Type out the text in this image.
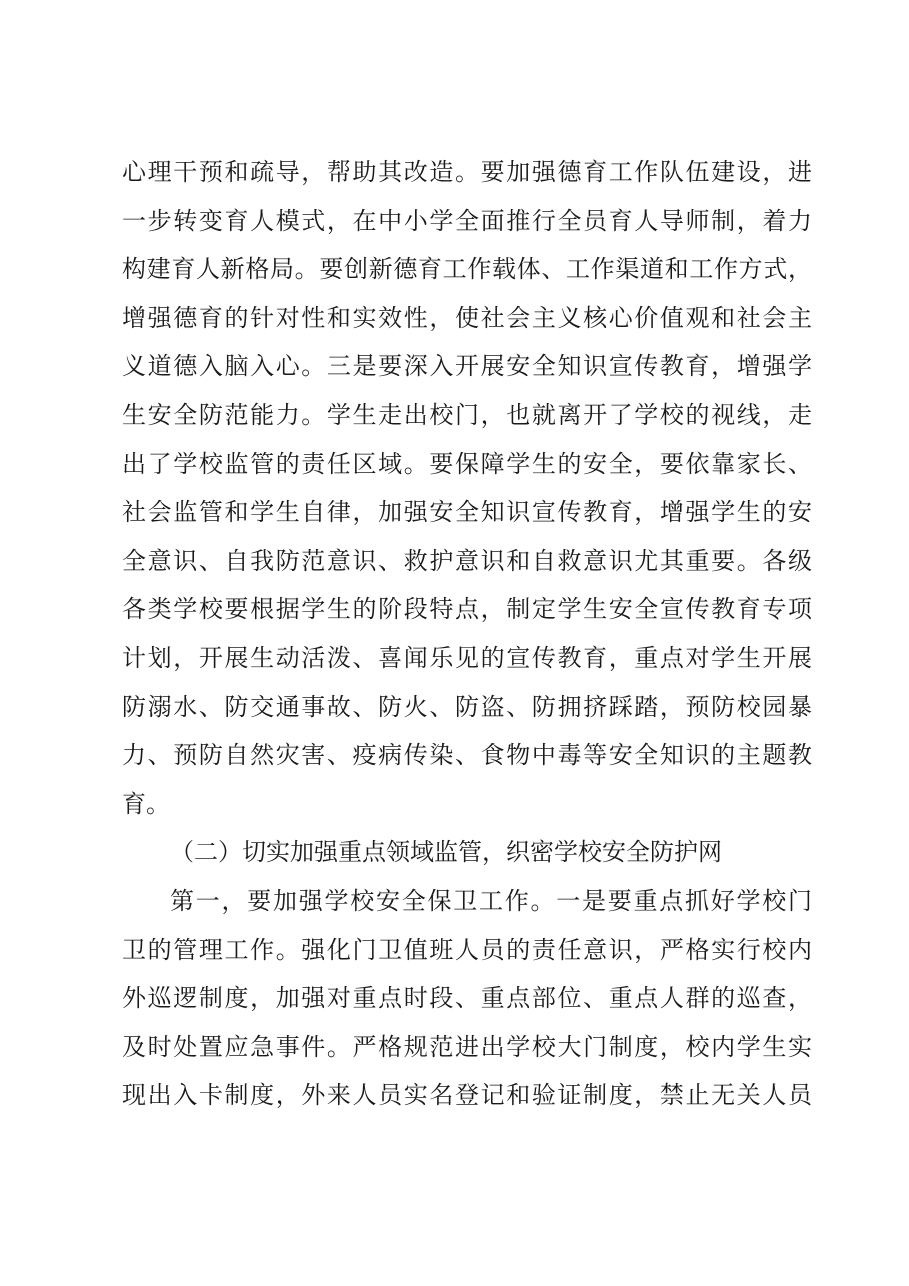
心理干预和疏导，帮助其改造。要加强德育工作队伍建设，进
一步转变育人模式，在中小学全面推行全员育人导师制，着力
构建育人新格局。要创新德育工作载体、工作渠道和工作方式，
增强德育的针对性和实效性，使社会主义核心价值观和社会主
义道德入脑入心。三是要深入开展安全知识宣传教育，增强学
生安全防范能力。学生走出校门，也就离开了学校的视线，走
出了学校监管的责任区域。要保障学生的安全，要依靠家长、
社会监管和学生自律，加强安全知识宣传教育，增强学生的安
全意识、自我防范意识、救护意识和自救意识尤其重要。各级
各类学校要根据学生的阶段特点，制定学生安全宣传教育专项
计划，开展生动活泼、喜闻乐见的宣传教育，重点对学生开展
防溺水、防交通事故、防火、防盗、防拥挤踩踏，预防校园暴
力、预防自然灾害、疫病传染、食物中毒等安全知识的主题教
育。
（二）切实加强重点领域监管，织密学校安全防护网
第一，要加强学校安全保卫工作。一是要重点抓好学校门
卫的管理工作。强化门卫值班人员的责任意识，严格实行校内
外巡逻制度，加强对重点时段、重点部位、重点人群的巡查，
及时处置应急事件。严格规范进出学校大门制度，校内学生实
现出入卡制度，外来人员实名登记和验证制度，禁止无关人员
